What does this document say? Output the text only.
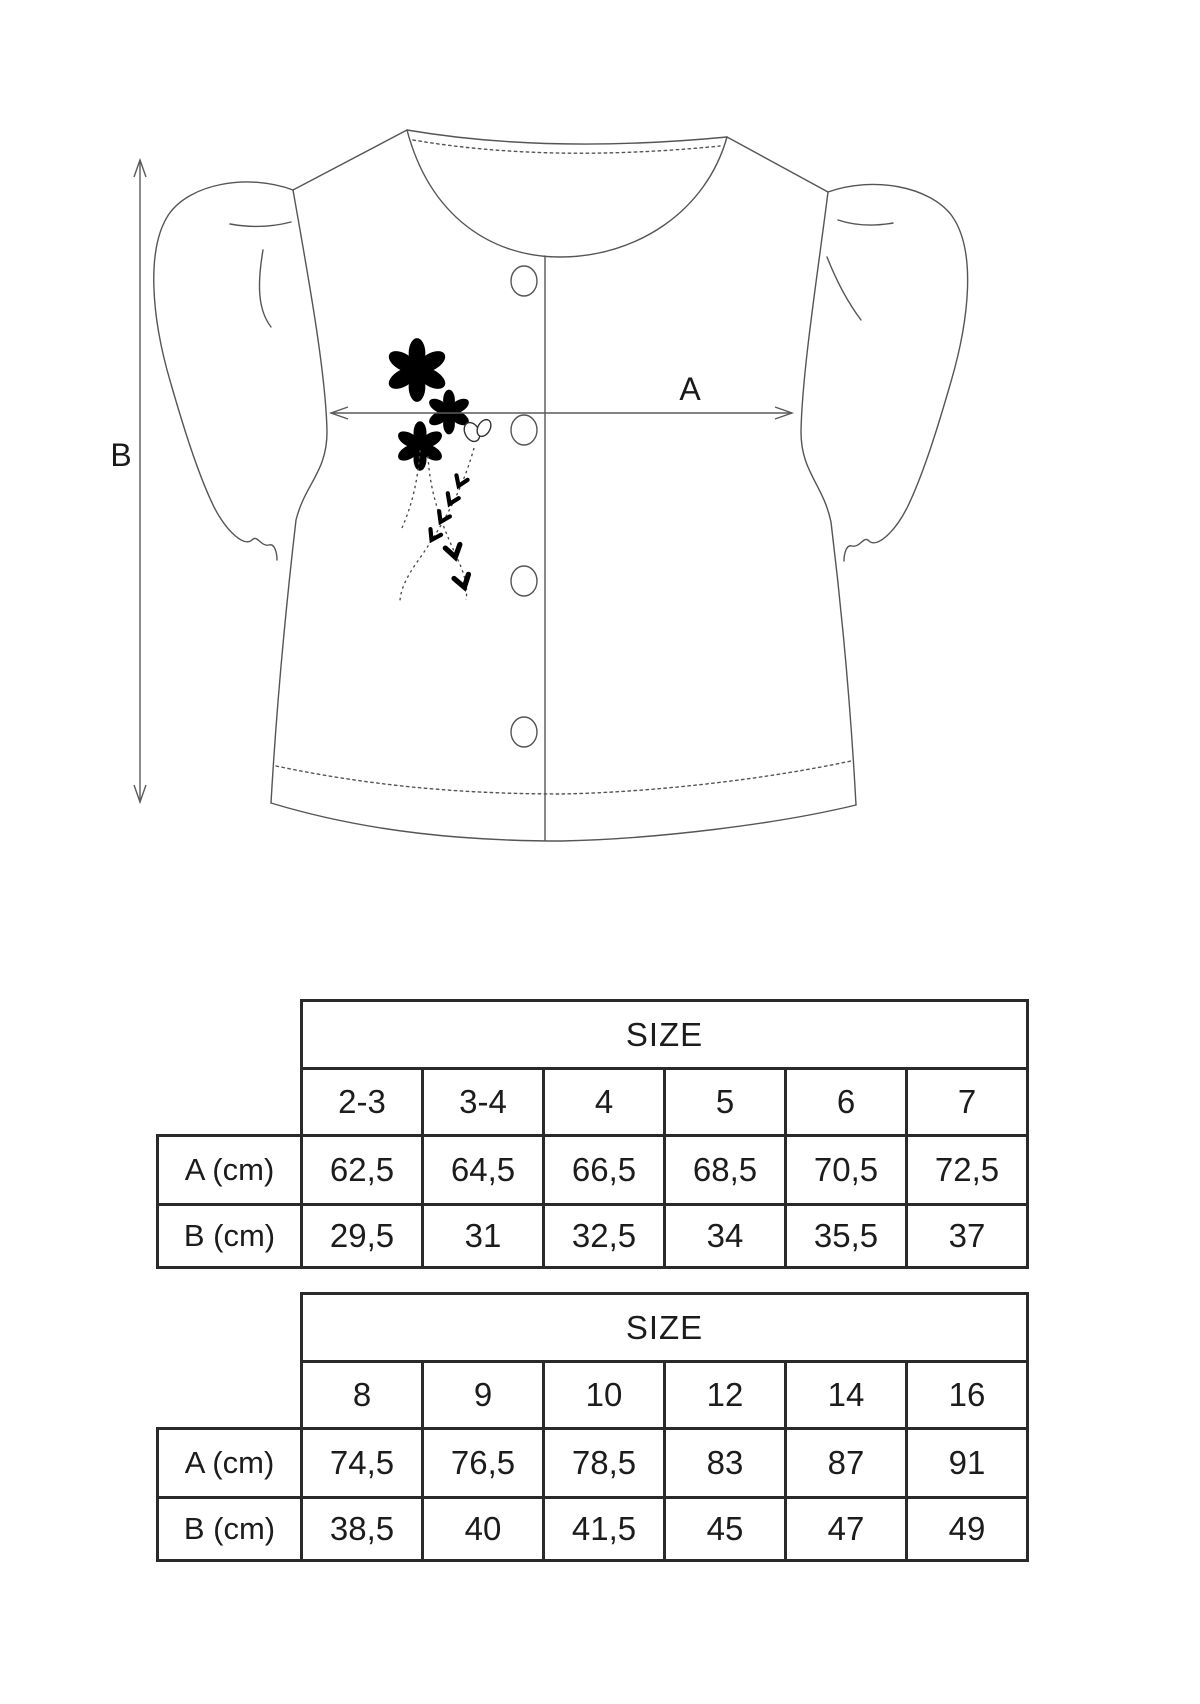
A
B
	SIZE					
	2-3	3-4	4	5	6	7
A (cm)	62,5	64,5	66,5	68,5	70,5	72,5
B (cm)	29,5	31	32,5	34	35,5	37
	SIZE					
	8	9	10	12	14	16
A (cm)	74,5	76,5	78,5	83	87	91
B (cm)	38,5	40	41,5	45	47	49
